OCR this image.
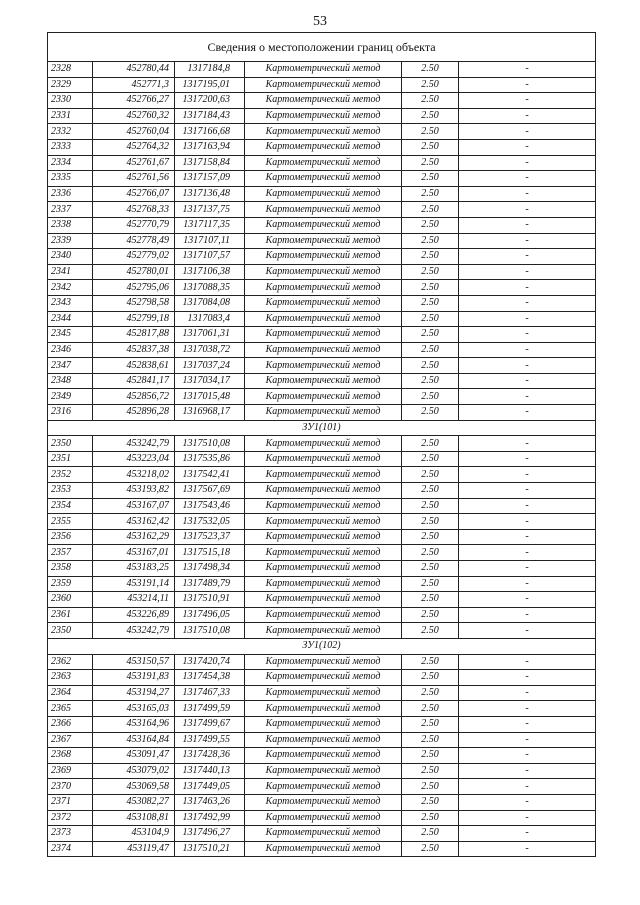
53
Сведения о местоположении границ объекта					
2328	452780,44	1317184,8	Картометрический метод	2.50	-
2329	452771,3	1317195,01	Картометрический метод	2.50	-
2330	452766,27	1317200,63	Картометрический метод	2.50	-
2331	452760,32	1317184,43	Картометрический метод	2.50	-
2332	452760,04	1317166,68	Картометрический метод	2.50	-
2333	452764,32	1317163,94	Картометрический метод	2.50	-
2334	452761,67	1317158,84	Картометрический метод	2.50	-
2335	452761,56	1317157,09	Картометрический метод	2.50	-
2336	452766,07	1317136,48	Картометрический метод	2.50	-
2337	452768,33	1317137,75	Картометрический метод	2.50	-
2338	452770,79	1317117,35	Картометрический метод	2.50	-
2339	452778,49	1317107,11	Картометрический метод	2.50	-
2340	452779,02	1317107,57	Картометрический метод	2.50	-
2341	452780,01	1317106,38	Картометрический метод	2.50	-
2342	452795,06	1317088,35	Картометрический метод	2.50	-
2343	452798,58	1317084,08	Картометрический метод	2.50	-
2344	452799,18	1317083,4	Картометрический метод	2.50	-
2345	452817,88	1317061,31	Картометрический метод	2.50	-
2346	452837,38	1317038,72	Картометрический метод	2.50	-
2347	452838,61	1317037,24	Картометрический метод	2.50	-
2348	452841,17	1317034,17	Картометрический метод	2.50	-
2349	452856,72	1317015,48	Картометрический метод	2.50	-
2316	452896,28	1316968,17	Картометрический метод	2.50	-
ЗУ1(101)					
2350	453242,79	1317510,08	Картометрический метод	2.50	-
2351	453223,04	1317535,86	Картометрический метод	2.50	-
2352	453218,02	1317542,41	Картометрический метод	2.50	-
2353	453193,82	1317567,69	Картометрический метод	2.50	-
2354	453167,07	1317543,46	Картометрический метод	2.50	-
2355	453162,42	1317532,05	Картометрический метод	2.50	-
2356	453162,29	1317523,37	Картометрический метод	2.50	-
2357	453167,01	1317515,18	Картометрический метод	2.50	-
2358	453183,25	1317498,34	Картометрический метод	2.50	-
2359	453191,14	1317489,79	Картометрический метод	2.50	-
2360	453214,11	1317510,91	Картометрический метод	2.50	-
2361	453226,89	1317496,05	Картометрический метод	2.50	-
2350	453242,79	1317510,08	Картометрический метод	2.50	-
ЗУ1(102)					
2362	453150,57	1317420,74	Картометрический метод	2.50	-
2363	453191,83	1317454,38	Картометрический метод	2.50	-
2364	453194,27	1317467,33	Картометрический метод	2.50	-
2365	453165,03	1317499,59	Картометрический метод	2.50	-
2366	453164,96	1317499,67	Картометрический метод	2.50	-
2367	453164,84	1317499,55	Картометрический метод	2.50	-
2368	453091,47	1317428,36	Картометрический метод	2.50	-
2369	453079,02	1317440,13	Картометрический метод	2.50	-
2370	453069,58	1317449,05	Картометрический метод	2.50	-
2371	453082,27	1317463,26	Картометрический метод	2.50	-
2372	453108,81	1317492,99	Картометрический метод	2.50	-
2373	453104,9	1317496,27	Картометрический метод	2.50	-
2374	453119,47	1317510,21	Картометрический метод	2.50	-
